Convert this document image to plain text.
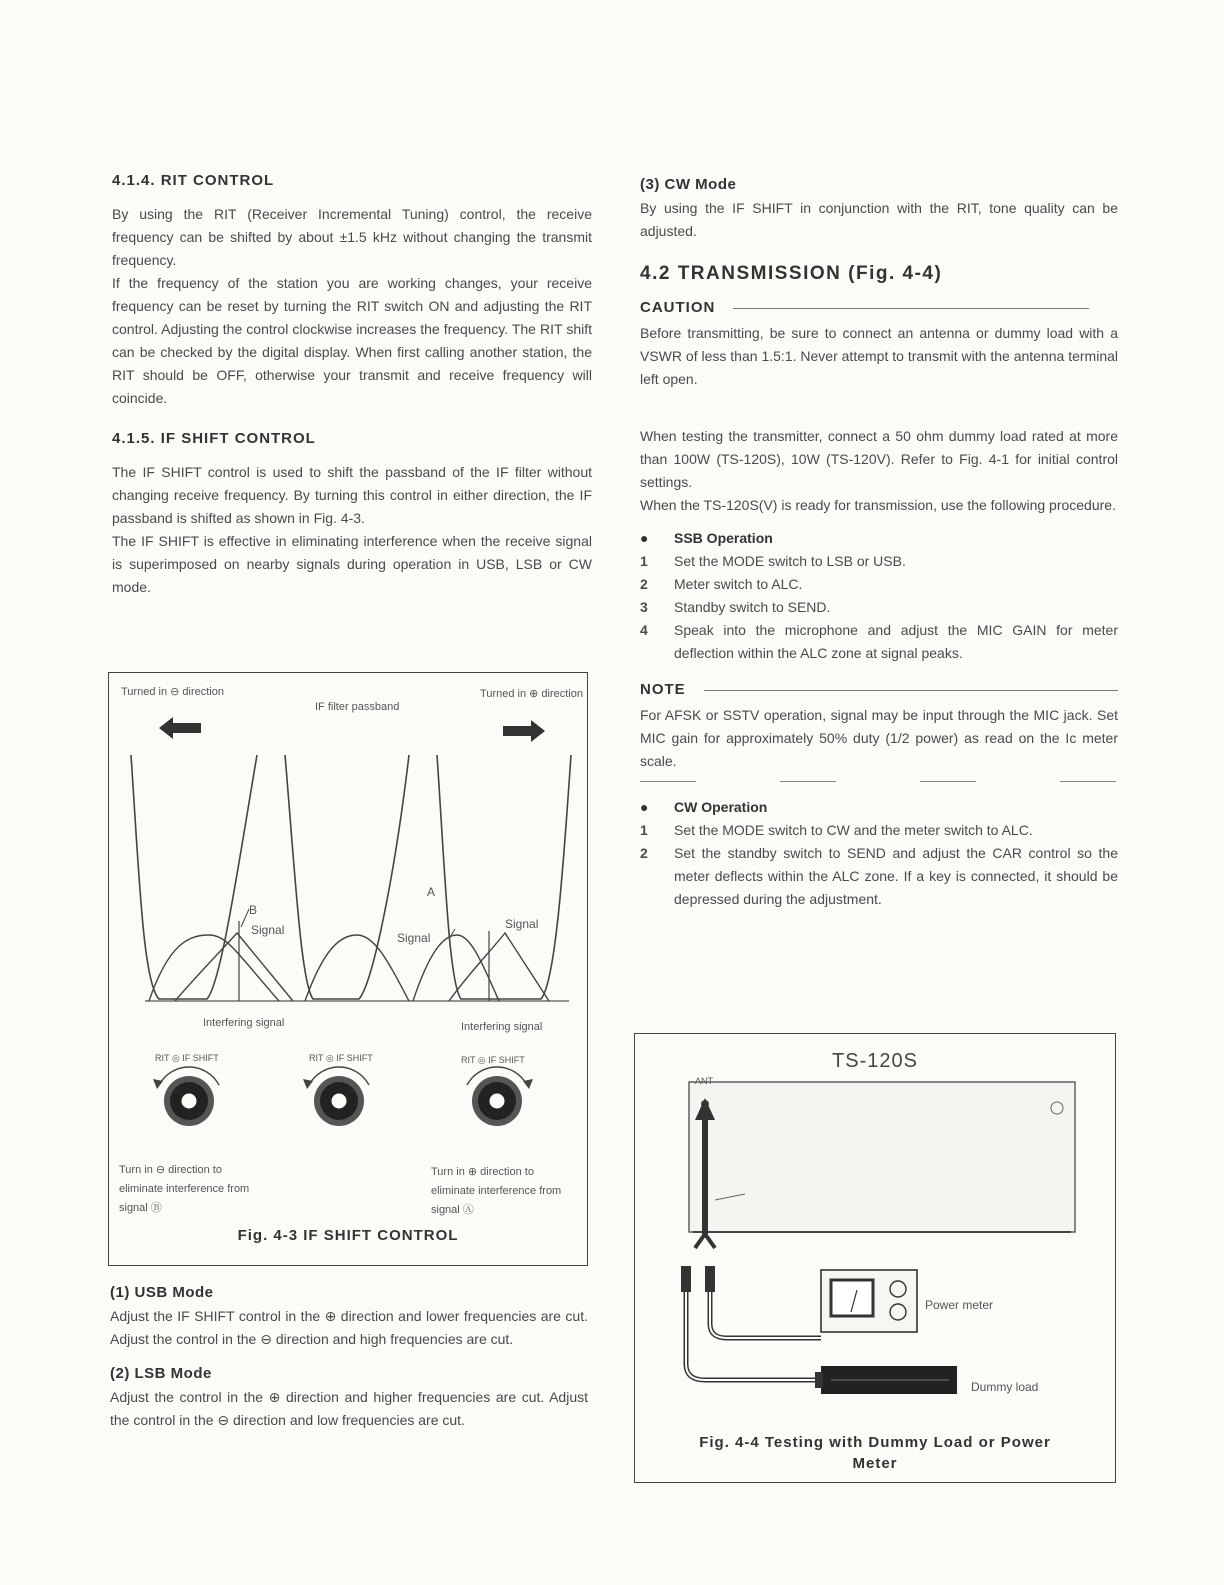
4.1.4. RIT CONTROL

By using the RIT (Receiver Incremental Tuning) control, the receive frequency can be shifted by about ±1.5 kHz without changing the transmit frequency.

If the frequency of the station you are working changes, your receive frequency can be reset by turning the RIT switch ON and adjusting the RIT control. Adjusting the control clockwise increases the frequency. The RIT shift can be checked by the digital display. When first calling another station, the RIT should be OFF, otherwise your transmit and receive frequency will coincide.

4.1.5. IF SHIFT CONTROL

The IF SHIFT control is used to shift the passband of the IF filter without changing receive frequency. By turning this control in either direction, the IF passband is shifted as shown in Fig. 4-3.

The IF SHIFT is effective in eliminating interference when the receive signal is superimposed on nearby signals during operation in USB, LSB or CW mode.

Turned in ⊖ direction	Turned in ⊕ direction
IF filter passband
B
Signal
Signal
A
Signal
Interfering signal	Interfering signal
RIT ◎ IF SHIFT	RIT ◎ IF SHIFT	RIT ◎ IF SHIFT
Turn in ⊖ direction to eliminate interference from signal Ⓑ
Turn in ⊕ direction to eliminate interference from signal Ⓐ
Fig. 4-3 IF SHIFT CONTROL
(1) USB Mode

Adjust the IF SHIFT control in the ⊕ direction and lower frequencies are cut. Adjust the control in the ⊖ direction and high frequencies are cut.

(2) LSB Mode

Adjust the control in the ⊕ direction and higher frequencies are cut. Adjust the control in the ⊖ direction and low frequencies are cut.

(3) CW Mode

By using the IF SHIFT in conjunction with the RIT, tone quality can be adjusted.

4.2 TRANSMISSION (Fig. 4-4)
CAUTION

Before transmitting, be sure to connect an antenna or dummy load with a VSWR of less than 1.5:1. Never attempt to transmit with the antenna terminal left open.

When testing the transmitter, connect a 50 ohm dummy load rated at more than 100W (TS-120S), 10W (TS-120V). Refer to Fig. 4-1 for initial control settings.

When the TS-120S(V) is ready for transmission, use the following procedure.

●	SSB Operation
1	Set the MODE switch to LSB or USB.
2	Meter switch to ALC.
3	Standby switch to SEND.
4	Speak into the microphone and adjust the MIC GAIN for meter deflection within the ALC zone at signal peaks.
NOTE

For AFSK or SSTV operation, signal may be input through the MIC jack. Set MIC gain for approximately 50% duty (1/2 power) as read on the Ic meter scale.

●	CW Operation
1	Set the MODE switch to CW and the meter switch to ALC.
2	Set the standby switch to SEND and adjust the CAR control so the meter deflects within the ALC zone. If a key is connected, it should be depressed during the adjustment.
TS-120S
ANT
Power meter
Dummy load
Fig. 4-4 Testing with Dummy Load or Power Meter
